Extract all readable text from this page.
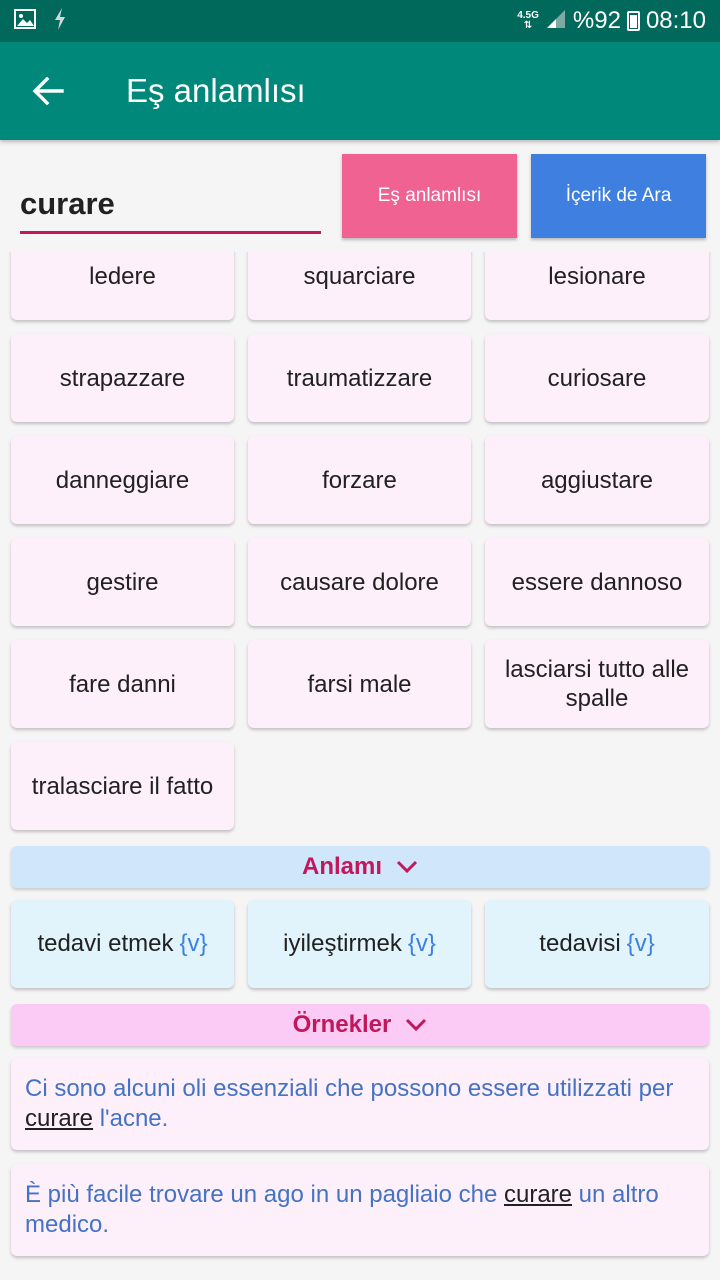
4.5G
⇅ %92 08:10
Eş anlamlısı
curare
Eş anlamlısı	İçerik de Ara
ledere	squarciare	lesionare
strapazzare	traumatizzare	curiosare
danneggiare	forzare	aggiustare
gestire	causare dolore	essere dannoso
fare danni	farsi male
lasciarsi tutto alle spalle
tralasciare il fatto
Anlamı
tedavi etmek {v}	iyileştirmek {v}	tedavisi {v}
Örnekler
Ci sono alcuni oli essenziali che possono essere utilizzati per curare l'acne.
È più facile trovare un ago in un pagliaio che curare un altro medico.
